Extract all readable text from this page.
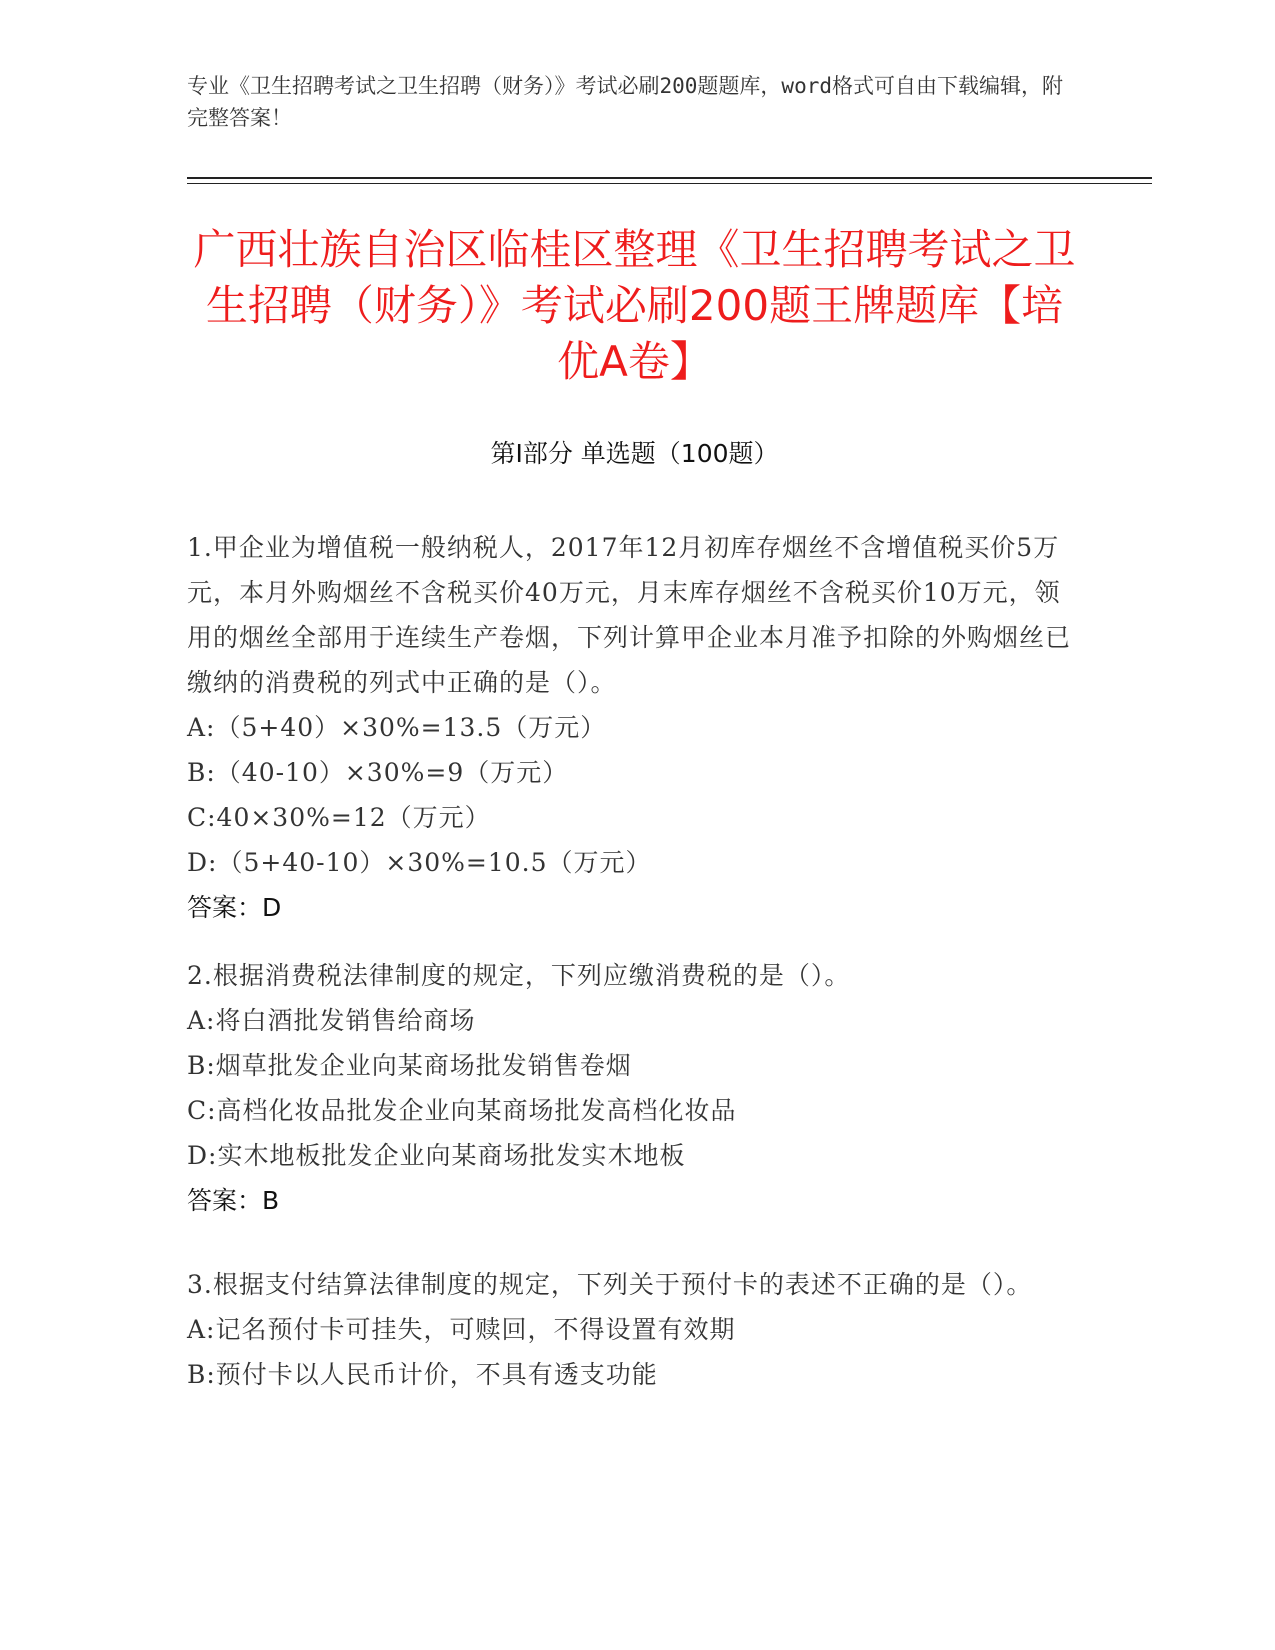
专业《卫生招聘考试之卫生招聘（财务）》考试必刷200题题库，word格式可自由下载编辑，附完整答案！
广西壮族自治区临桂区整理《卫生招聘考试之卫生招聘（财务）》考试必刷200题王牌题库【培优A卷】
第I部分 单选题（100题）
1.甲企业为增值税一般纳税人，2017年12月初库存烟丝不含增值税买价5万元，本月外购烟丝不含税买价40万元，月末库存烟丝不含税买价10万元，领用的烟丝全部用于连续生产卷烟，下列计算甲企业本月准予扣除的外购烟丝已缴纳的消费税的列式中正确的是（）。
A:（5+40）×30%=13.5（万元）
B:（40-10）×30%=9（万元）
C:40×30%=12（万元）
D:（5+40-10）×30%=10.5（万元）
答案：D
2.根据消费税法律制度的规定，下列应缴消费税的是（）。
A:将白酒批发销售给商场
B:烟草批发企业向某商场批发销售卷烟
C:高档化妆品批发企业向某商场批发高档化妆品
D:实木地板批发企业向某商场批发实木地板
答案：B
3.根据支付结算法律制度的规定，下列关于预付卡的表述不正确的是（）。
A:记名预付卡可挂失，可赎回，不得设置有效期
B:预付卡以人民币计价，不具有透支功能
